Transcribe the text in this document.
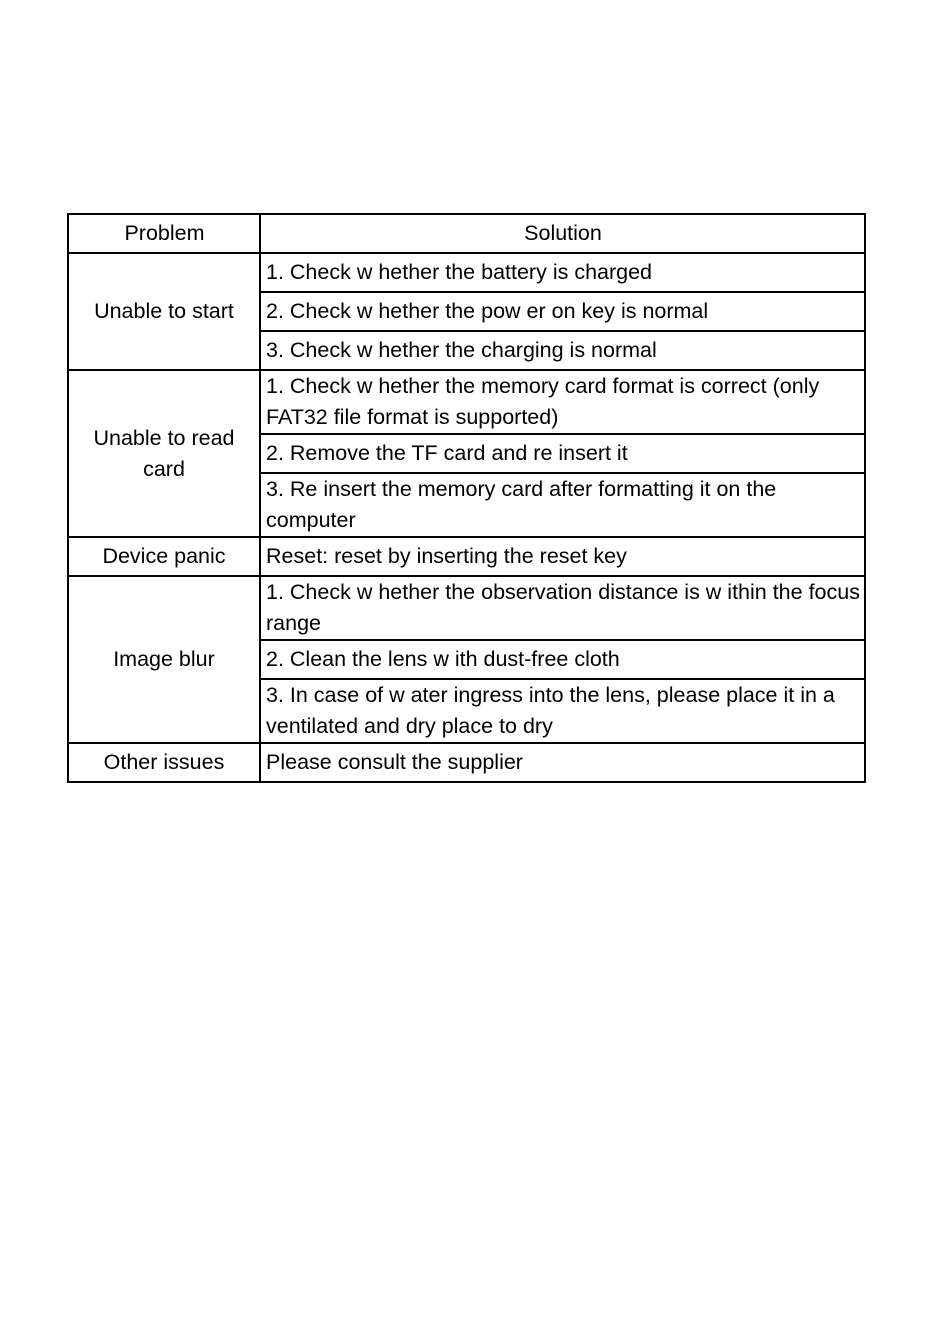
Problem	Solution
Unable to start	1. Check w hether the battery is charged
	2. Check w hether the pow er on key is normal
	3. Check w hether the charging is normal
Unable to read card	1. Check w hether the memory card format is correct (only FAT32 file format is supported)
	2. Remove the TF card and re insert it
	3. Re insert the memory card after formatting it on the computer
Device panic	Reset: reset by inserting the reset key
Image blur	1. Check w hether the observation distance is w ithin the focus range
	2. Clean the lens w ith dust-free cloth
	3. In case of w ater ingress into the lens, please place it in a ventilated and dry place to dry
Other issues	Please consult the supplier
